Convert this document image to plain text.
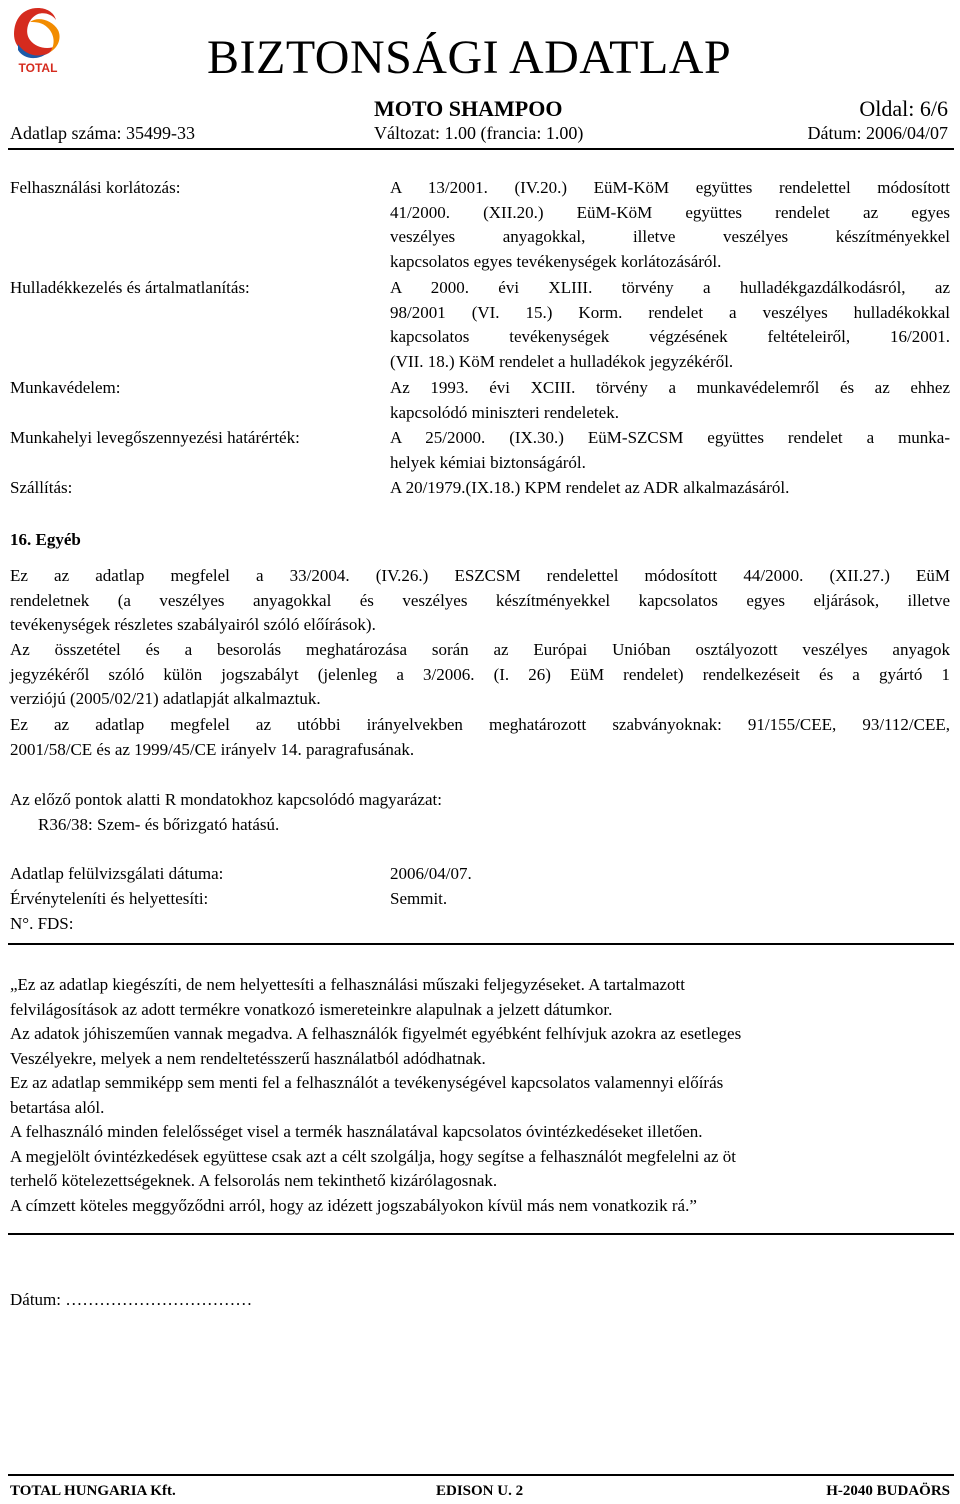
TOTAL	BIZTONSÁGI ADATLAP
MOTO SHAMPOO	Oldal: 6/6
Adatlap száma: 35499-33	Változat: 1.00 (francia: 1.00)	Dátum: 2006/04/07
Felhasználási korlátozás:	A 13/2001. (IV.20.) EüM-KöM együttes rendelettel módosított
41/2000. (XII.20.) EüM-KöM együttes rendelet az egyes
veszélyes anyagokkal, illetve veszélyes készítményekkel
kapcsolatos egyes tevékenységek korlátozásáról.
Hulladékkezelés és ártalmatlanítás:	A 2000. évi XLIII. törvény a hulladékgazdálkodásról, az
98/2001 (VI. 15.) Korm. rendelet a veszélyes hulladékokkal
kapcsolatos tevékenységek végzésének feltételeiről, 16/2001.
(VII. 18.) KöM rendelet a hulladékok jegyzékéről.
Munkavédelem:	Az 1993. évi XCIII. törvény a munkavédelemről és az ehhez
kapcsolódó miniszteri rendeletek.
Munkahelyi levegőszennyezési határérték:	A 25/2000. (IX.30.) EüM-SZCSM együttes rendelet a munka-
helyek kémiai biztonságáról.
Szállítás:	A 20/1979.(IX.18.) KPM rendelet az ADR alkalmazásáról.
16. Egyéb
Ez az adatlap megfelel a 33/2004. (IV.26.) ESZCSM rendelettel módosított 44/2000. (XII.27.) EüM
rendeletnek (a veszélyes anyagokkal és veszélyes készítményekkel kapcsolatos egyes eljárások, illetve
tevékenységek részletes szabályairól szóló előírások).
Az összetétel és a besorolás meghatározása során az Európai Unióban osztályozott veszélyes anyagok
jegyzékéről szóló külön jogszabályt (jelenleg a 3/2006. (I. 26) EüM rendelet) rendelkezéseit és a gyártó 1
verziójú (2005/02/21) adatlapját alkalmaztuk.
Ez az adatlap megfelel az utóbbi irányelvekben meghatározott szabványoknak: 91/155/CEE, 93/112/CEE,
2001/58/CE és az 1999/45/CE irányelv 14. paragrafusának.
Az előző pontok alatti R mondatokhoz kapcsolódó magyarázat:
R36/38: Szem- és bőrizgató hatású.
Adatlap felülvizsgálati dátuma:	2006/04/07.
Érvényteleníti és helyettesíti:	Semmit.
N°. FDS:
„Ez az adatlap kiegészíti, de nem helyettesíti a felhasználási műszaki feljegyzéseket. A tartalmazott
felvilágosítások az adott termékre vonatkozó ismereteinkre alapulnak a jelzett dátumkor.
Az adatok jóhiszeműen vannak megadva. A felhasználók figyelmét egyébként felhívjuk azokra az esetleges
Veszélyekre, melyek a nem rendeltetésszerű használatból adódhatnak.
Ez az adatlap semmiképp sem menti fel a felhasználót a tevékenységével kapcsolatos valamennyi előírás
betartása alól.
A felhasználó minden felelősséget visel a termék használatával kapcsolatos óvintézkedéseket illetően.
A megjelölt óvintézkedések együttese csak azt a célt szolgálja, hogy segítse a felhasználót megfelelni az öt
terhelő kötelezettségeknek. A felsorolás nem tekinthető kizárólagosnak.
A címzett köteles meggyőződni arról, hogy az idézett jogszabályokon kívül más nem vonatkozik rá.”
Dátum: ……………………………
TOTAL HUNGARIA Kft.	EDISON U. 2	H-2040 BUDAÖRS
